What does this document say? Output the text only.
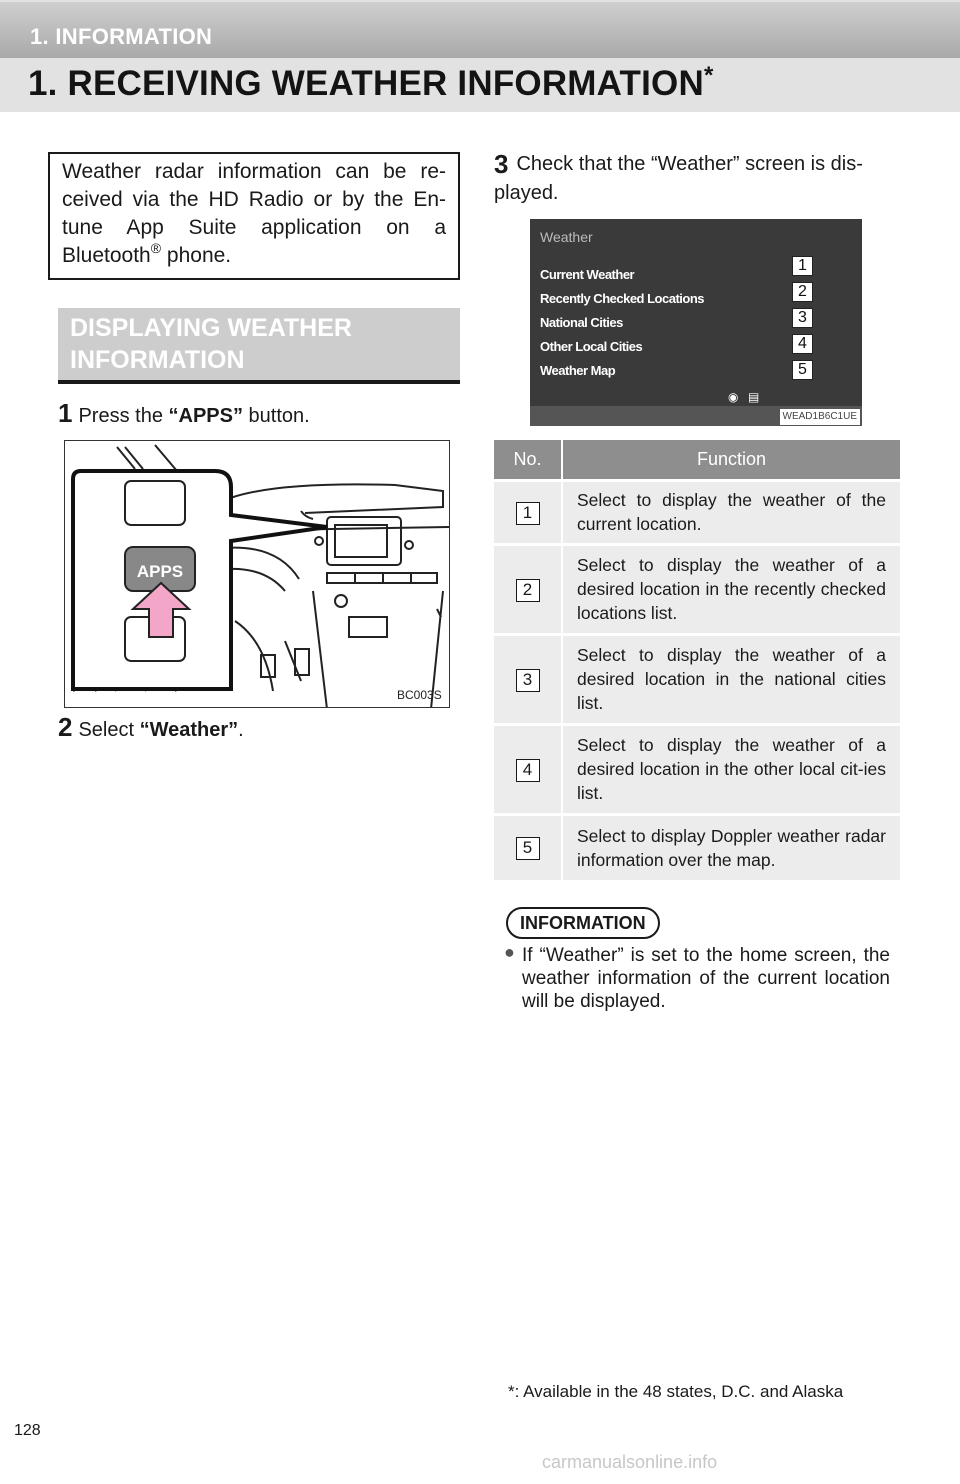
1. INFORMATION
1. RECEIVING WEATHER INFORMATION*
Weather radar information can be re-ceived via the HD Radio or by the En-tune App Suite application on a Bluetooth® phone.
DISPLAYING WEATHER
INFORMATION
1 Press the “APPS” button.
APPS
BC003S
2 Select “Weather”.
3 Check that the “Weather” screen is dis-played.
Weather
Current Weather
1
Recently Checked Locations	2
National Cities	3
Other Local Cities	4
Weather Map	5
◉ ▤
WEAD1B6C1UE
No.	Function
1	Select to display the weather of the current location.
2	Select to display the weather of a desired location in the recently checked locations list.
3	Select to display the weather of a desired location in the national cities list.
4	Select to display the weather of a desired location in the other local cit-ies list.
5	Select to display Doppler weather radar information over the map.
INFORMATION
● If “Weather” is set to the home screen, the weather information of the current location will be displayed.
*: Available in the 48 states, D.C. and Alaska
128
carmanualsonline.info
